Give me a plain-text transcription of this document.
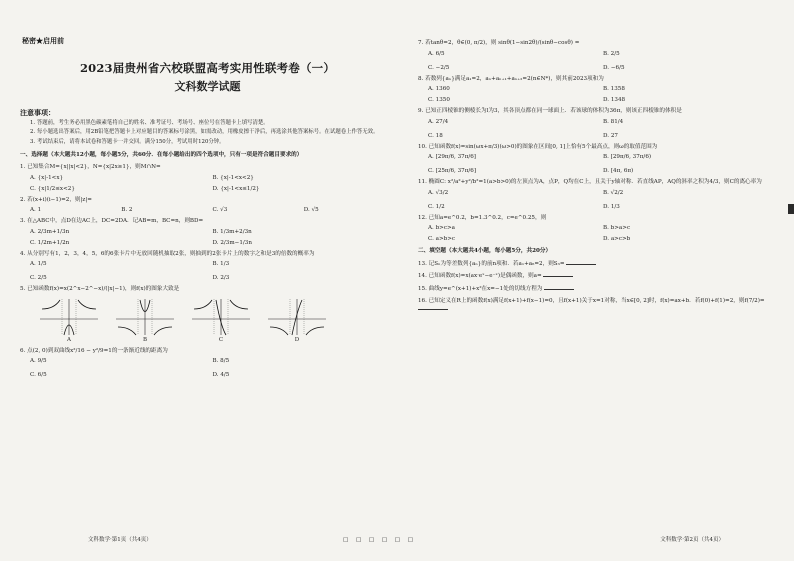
秘密★启用前
2023届贵州省六校联盟高考实用性联考卷（一）
文科数学试题
注意事项：

1. 答题前，考生务必用黑色碳素笔将自己的姓名、准考证号、考场号、座位号在答题卡上填写清楚。

2. 每小题选出答案后，用2B铅笔把答题卡上对应题目的答案标号涂黑，如需改动，用橡皮擦干净后，再选涂其他答案标号。在试题卷上作答无效。

3. 考试结束后，请将本试卷和答题卡一并交回。满分150分，考试用时120分钟。

一、选择题（本大题共12小题，每小题5分，共60分．在每小题给出的四个选项中，只有一项是符合题目要求的）
1. 已知集合M={x||x|<2}，N={x|2x≥1}，则M∩N=
A. {x|-1<x}	B. {x|-1<x<2}
C. {x|1/2≤x<2}	D. {x|-1<x≤1/2}
2. 若(x+i)(i−1)=2，则|z|=
A. 1	B. 2	C. √3	D. √5
3. 在△ABC中，点D在边AC上，DC=2DA．记AB=m，BC=n，则BD=
A. 2/3m+1/3n	B. 1/3m+2/3n
C. 1/2m+1/2n	D. 2/3m−1/3n
4. 从分别写有1，2，3，4，5，6的6张卡片中无放回随机抽取2张，则抽到的2张卡片上的数字之和是3的倍数的概率为
A. 1/5	B. 1/3
C. 2/5	D. 2/3
5. 已知函数f(x)=x(2^x−2^−x)/(|x|−1)，则f(x)的图象大致是
A	B	C	D
6. 点(2, 0)到双曲线x²/16 − y²/9=1的一条渐近线的距离为
A. 9/5	B. 8/5
C. 6/5	D. 4/5
7. 若tanθ=2，θ∈(0, π/2)，则 sinθ(1−sin2θ)/(sinθ−cosθ) =
A. 6/5	B. 2/5
C. −2/5	D. −6/5
8. 若数列{aₙ}满足a₁=2，aₙ+aₙ₊₁+aₙ₊₂=2(n∈N*)，则其前2023项和为
A. 1360	B. 1358
C. 1350	D. 1348
9. 已知正四棱锥的侧棱长为l为3，其各顶点都在同一球面上．若该球的体积为36π，则该正四棱锥的体积是
A. 27/4	B. 81/4
C. 18	D. 27
10. 已知函数f(x)=sin(ωx+π/3)(ω>0)的图象在区间[0, 1]上恰有5个最高点，则ω的取值范围为
A. [29π/6, 37π/6]	B. [29π/6, 37π/6)
C. [25π/6, 37π/6]	D. [4π, 6π)
11. 椭圆C: x²/a²+y²/b²=1(a>b>0)的左顶点为A，点P，Q均在C上，且关于y轴对称．若直线AP，AQ的斜率之积为4/3，则C的离心率为
A. √3/2	B. √2/2
C. 1/2	D. 1/3
12. 已知a=e^0.2，b=1.3^0.2，c=e^0.25，则
A. b>c>a	B. b>a>c
C. a>b>c	D. a>c>b
二、填空题（本大题共4小题，每小题5分，共20分）
13. 记Sₙ为等差数列{aₙ}的前n项和．若a₁+a₆=2，则S₃=
14. 已知函数f(x)=x(ax·eˣ−e⁻ˣ)是偶函数，则a=
15. 曲线y=e^(x+1)+x²在x=−1处的切线方程为
16. 已知定义在R上的函数f(x)满足f(x+1)+f(x−1)=0，且f(x+1)关于x=1对称，当x∈[0, 2]时，f(x)=ax+b．若f(0)+f(1)=2，则f(7/2)=
文科数学·第1页（共4页）	□ □ □ □ □ □	文科数学·第2页（共4页）
